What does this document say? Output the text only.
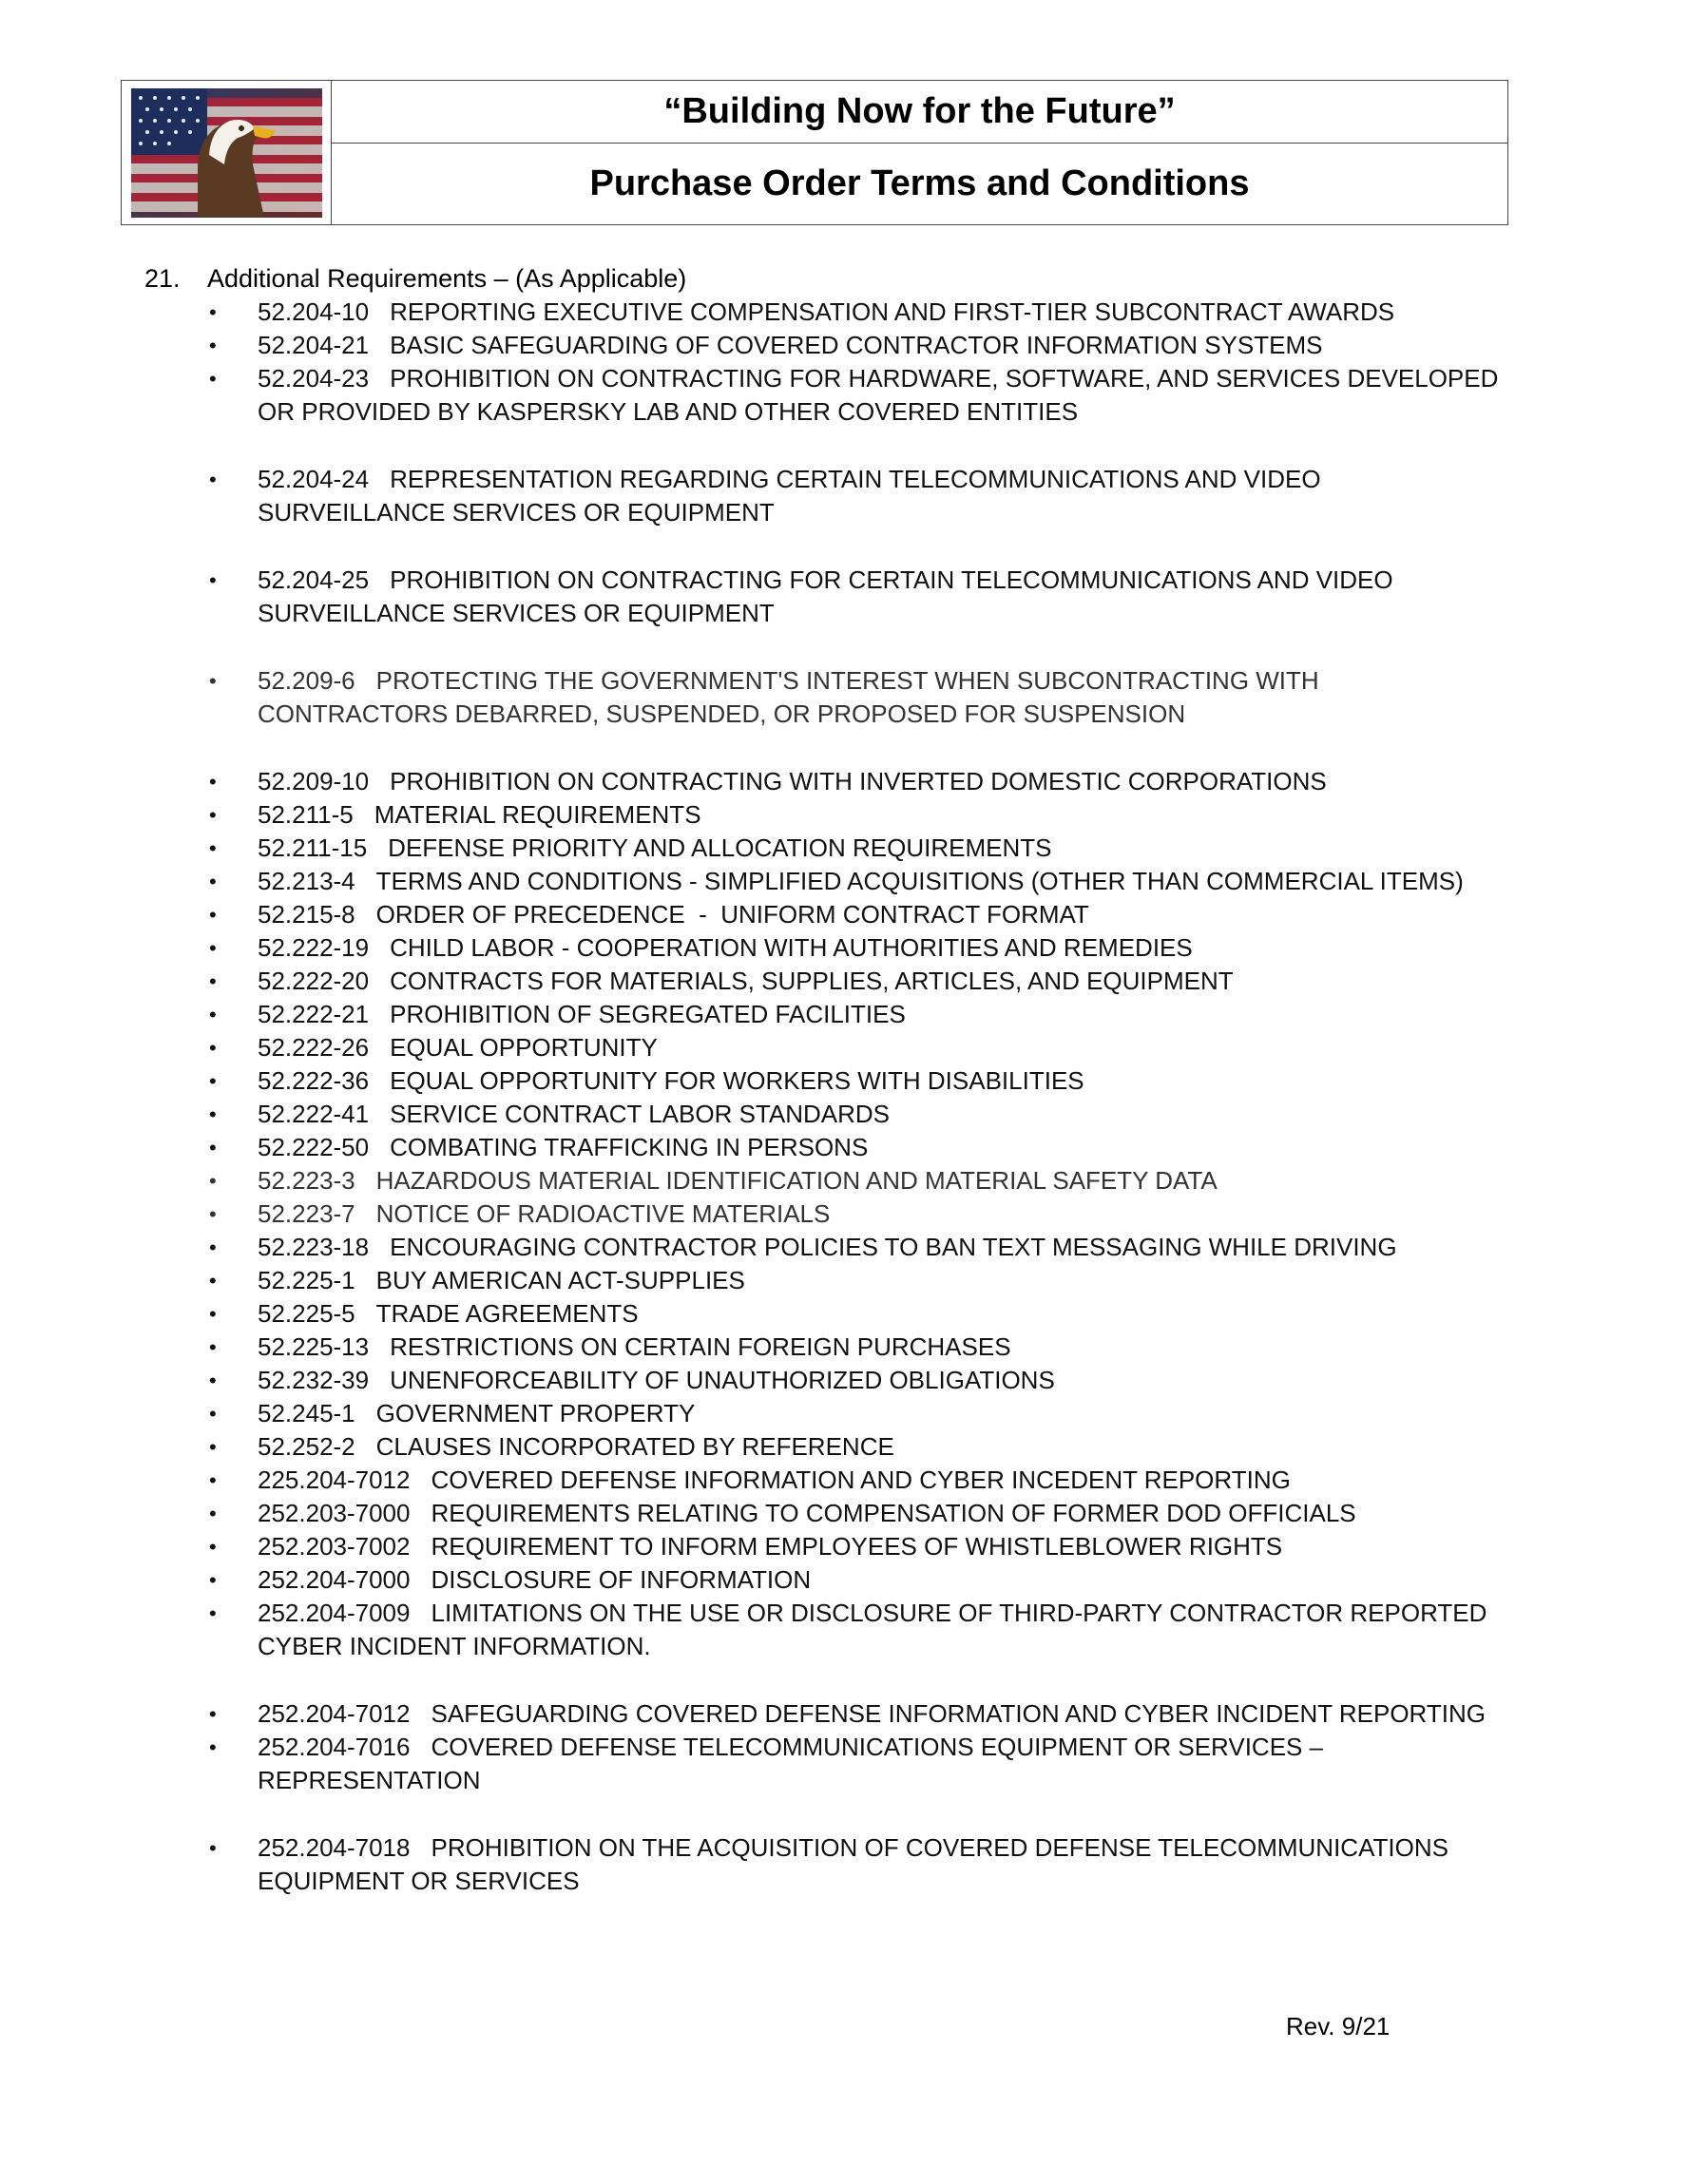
“Building Now for the Future”
Purchase Order Terms and Conditions
21.	Additional Requirements – (As Applicable)
•	52.204-10 REPORTING EXECUTIVE COMPENSATION AND FIRST-TIER SUBCONTRACT AWARDS
•	52.204-21 BASIC SAFEGUARDING OF COVERED CONTRACTOR INFORMATION SYSTEMS
•	52.204-23 PROHIBITION ON CONTRACTING FOR HARDWARE, SOFTWARE, AND SERVICES DEVELOPED OR PROVIDED BY KASPERSKY LAB AND OTHER COVERED ENTITIES
•	52.204-24 REPRESENTATION REGARDING CERTAIN TELECOMMUNICATIONS AND VIDEO SURVEILLANCE SERVICES OR EQUIPMENT
•	52.204-25 PROHIBITION ON CONTRACTING FOR CERTAIN TELECOMMUNICATIONS AND VIDEO SURVEILLANCE SERVICES OR EQUIPMENT
•	52.209-6 PROTECTING THE GOVERNMENT'S INTEREST WHEN SUBCONTRACTING WITH CONTRACTORS DEBARRED, SUSPENDED, OR PROPOSED FOR SUSPENSION
•	52.209-10 PROHIBITION ON CONTRACTING WITH INVERTED DOMESTIC CORPORATIONS
•	52.211-5 MATERIAL REQUIREMENTS
•	52.211-15 DEFENSE PRIORITY AND ALLOCATION REQUIREMENTS
•	52.213-4 TERMS AND CONDITIONS - SIMPLIFIED ACQUISITIONS (OTHER THAN COMMERCIAL ITEMS)
•	52.215-8 ORDER OF PRECEDENCE  -  UNIFORM CONTRACT FORMAT
•	52.222-19 CHILD LABOR - COOPERATION WITH AUTHORITIES AND REMEDIES
•	52.222-20 CONTRACTS FOR MATERIALS, SUPPLIES, ARTICLES, AND EQUIPMENT
•	52.222-21 PROHIBITION OF SEGREGATED FACILITIES
•	52.222-26 EQUAL OPPORTUNITY
•	52.222-36 EQUAL OPPORTUNITY FOR WORKERS WITH DISABILITIES
•	52.222-41 SERVICE CONTRACT LABOR STANDARDS
•	52.222-50 COMBATING TRAFFICKING IN PERSONS
•	52.223-3 HAZARDOUS MATERIAL IDENTIFICATION AND MATERIAL SAFETY DATA
•	52.223-7 NOTICE OF RADIOACTIVE MATERIALS
•	52.223-18 ENCOURAGING CONTRACTOR POLICIES TO BAN TEXT MESSAGING WHILE DRIVING
•	52.225-1 BUY AMERICAN ACT-SUPPLIES
•	52.225-5 TRADE AGREEMENTS
•	52.225-13 RESTRICTIONS ON CERTAIN FOREIGN PURCHASES
•	52.232-39 UNENFORCEABILITY OF UNAUTHORIZED OBLIGATIONS
•	52.245-1 GOVERNMENT PROPERTY
•	52.252-2 CLAUSES INCORPORATED BY REFERENCE
•	225.204-7012 COVERED DEFENSE INFORMATION AND CYBER INCEDENT REPORTING
•	252.203-7000 REQUIREMENTS RELATING TO COMPENSATION OF FORMER DOD OFFICIALS
•	252.203-7002 REQUIREMENT TO INFORM EMPLOYEES OF WHISTLEBLOWER RIGHTS
•	252.204-7000 DISCLOSURE OF INFORMATION
•	252.204-7009 LIMITATIONS ON THE USE OR DISCLOSURE OF THIRD-PARTY CONTRACTOR REPORTED CYBER INCIDENT INFORMATION.
•	252.204-7012 SAFEGUARDING COVERED DEFENSE INFORMATION AND CYBER INCIDENT REPORTING
•	252.204-7016 COVERED DEFENSE TELECOMMUNICATIONS EQUIPMENT OR SERVICES – REPRESENTATION
•	252.204-7018 PROHIBITION ON THE ACQUISITION OF COVERED DEFENSE TELECOMMUNICATIONS EQUIPMENT OR SERVICES
Rev. 9/21
